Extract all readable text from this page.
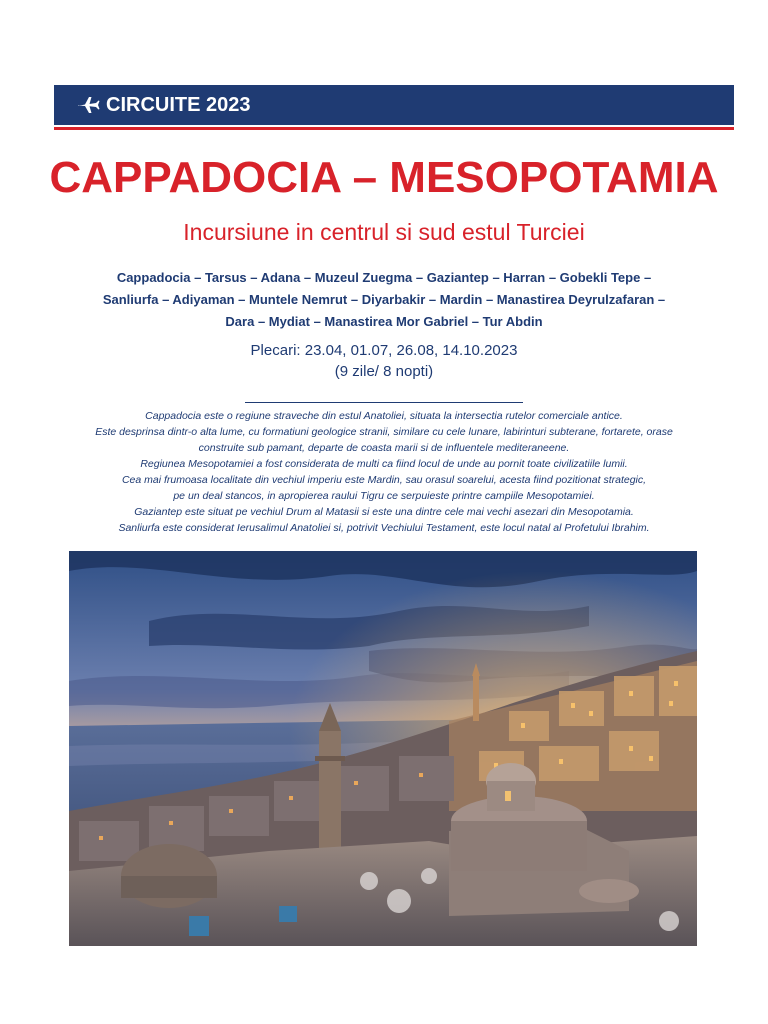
CIRCUITE 2023
CAPPADOCIA – MESOPOTAMIA
Incursiune in centrul si sud estul Turciei
Cappadocia – Tarsus – Adana – Muzeul Zuegma – Gaziantep – Harran – Gobekli Tepe –
Sanliurfa – Adiyaman – Muntele Nemrut – Diyarbakir – Mardin – Manastirea Deyrulzafaran –
Dara – Mydiat – Manastirea Mor Gabriel – Tur Abdin
Plecari: 23.04, 01.07, 26.08, 14.10.2023
(9 zile/ 8 nopti)
Cappadocia este o regiune straveche din estul Anatoliei, situata la intersectia rutelor comerciale antice.
Este desprinsa dintr-o alta lume, cu formatiuni geologice stranii, similare cu cele lunare, labirinturi subterane, fortarete, orase
construite sub pamant, departe de coasta marii si de influentele mediteraneene.
Regiunea Mesopotamiei a fost considerata de multi ca fiind locul de unde au pornit toate civilizatiile lumii.
Cea mai frumoasa localitate din vechiul imperiu este Mardin, sau orasul soarelui, acesta fiind pozitionat strategic,
pe un deal stancos, in apropierea raului Tigru ce serpuieste printre campiile Mesopotamiei.
Gaziantep este situat pe vechiul Drum al Matasii si este una dintre cele mai vechi asezari din Mesopotamia.
Sanliurfa este considerat Ierusalimul Anatoliei si, potrivit Vechiului Testament, este locul natal al Profetului Ibrahim.
